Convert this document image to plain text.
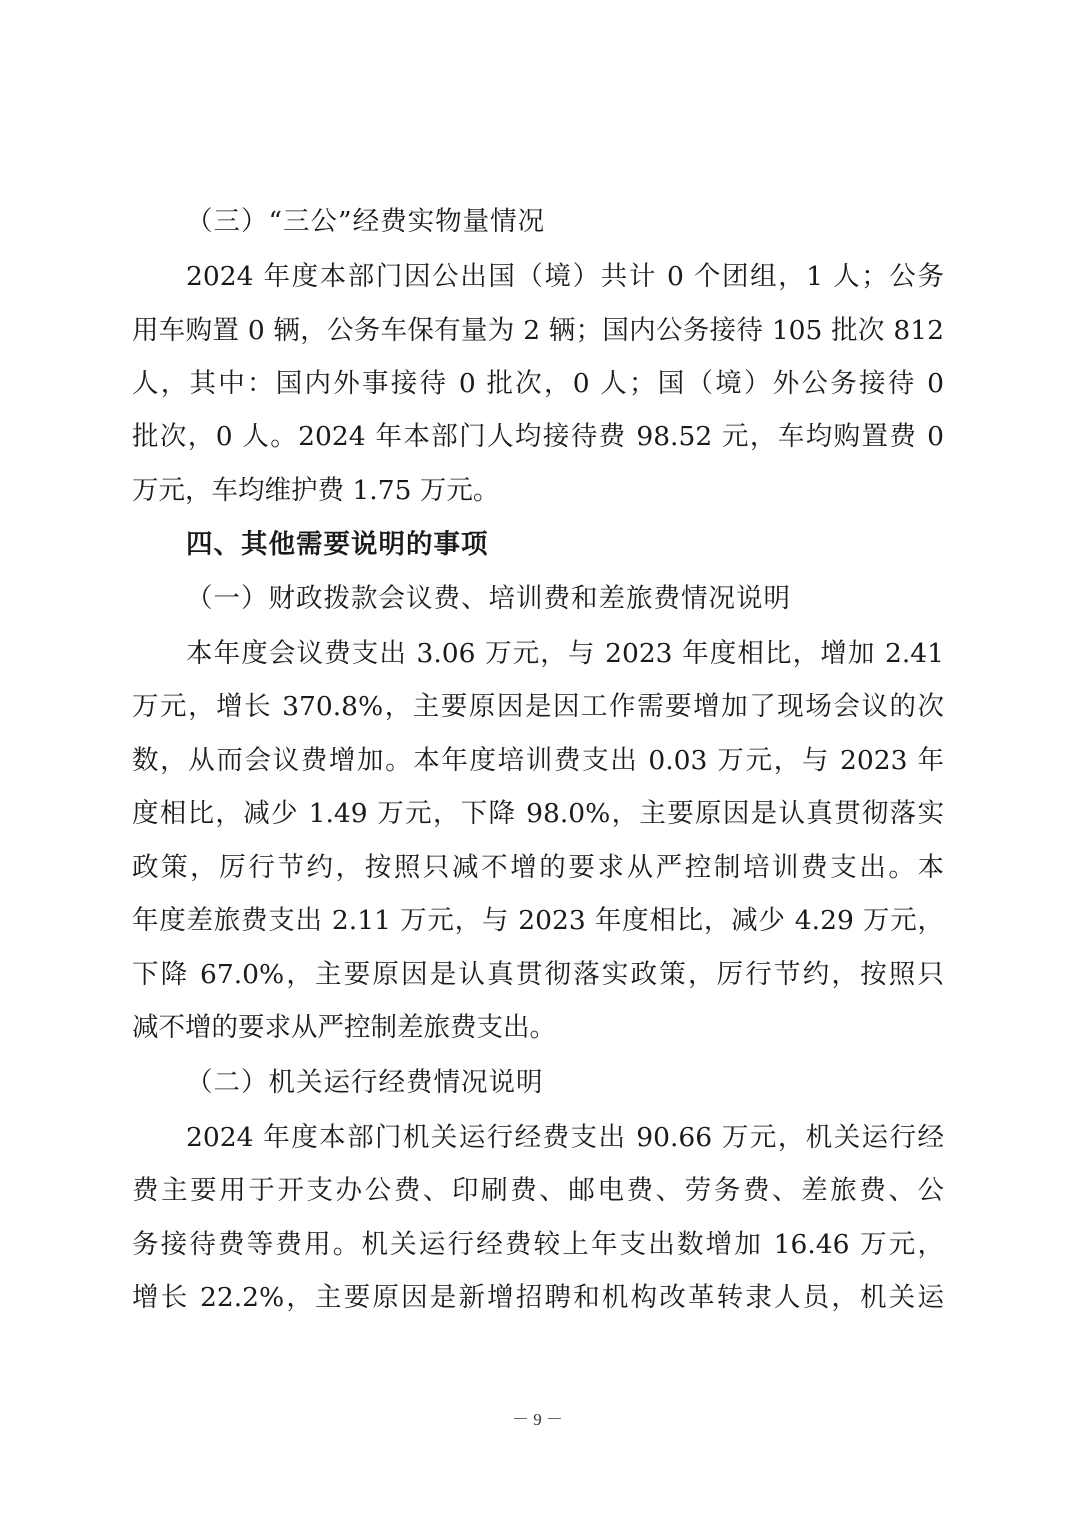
（三）“三公”经费实物量情况
2024 年度本部门因公出国（境）共计 0 个团组，1 人；公务
用车购置 0 辆，公务车保有量为 2 辆；国内公务接待 105 批次 812
人，其中：国内外事接待 0 批次，0 人；国（境）外公务接待 0
批次，0 人。2024 年本部门人均接待费 98.52 元，车均购置费 0
万元，车均维护费 1.75 万元。
四、其他需要说明的事项
（一）财政拨款会议费、培训费和差旅费情况说明
本年度会议费支出 3.06 万元，与 2023 年度相比，增加 2.41
万元，增长 370.8%，主要原因是因工作需要增加了现场会议的次
数，从而会议费增加。本年度培训费支出 0.03 万元，与 2023 年
度相比，减少 1.49 万元，下降 98.0%，主要原因是认真贯彻落实
政策，厉行节约，按照只减不增的要求从严控制培训费支出。本
年度差旅费支出 2.11 万元，与 2023 年度相比，减少 4.29 万元，
下降 67.0%，主要原因是认真贯彻落实政策，厉行节约，按照只
减不增的要求从严控制差旅费支出。
（二）机关运行经费情况说明
2024 年度本部门机关运行经费支出 90.66 万元，机关运行经
费主要用于开支办公费、印刷费、邮电费、劳务费、差旅费、公
务接待费等费用。机关运行经费较上年支出数增加 16.46 万元，
增长 22.2%，主要原因是新增招聘和机构改革转隶人员，机关运
－ 9 －
